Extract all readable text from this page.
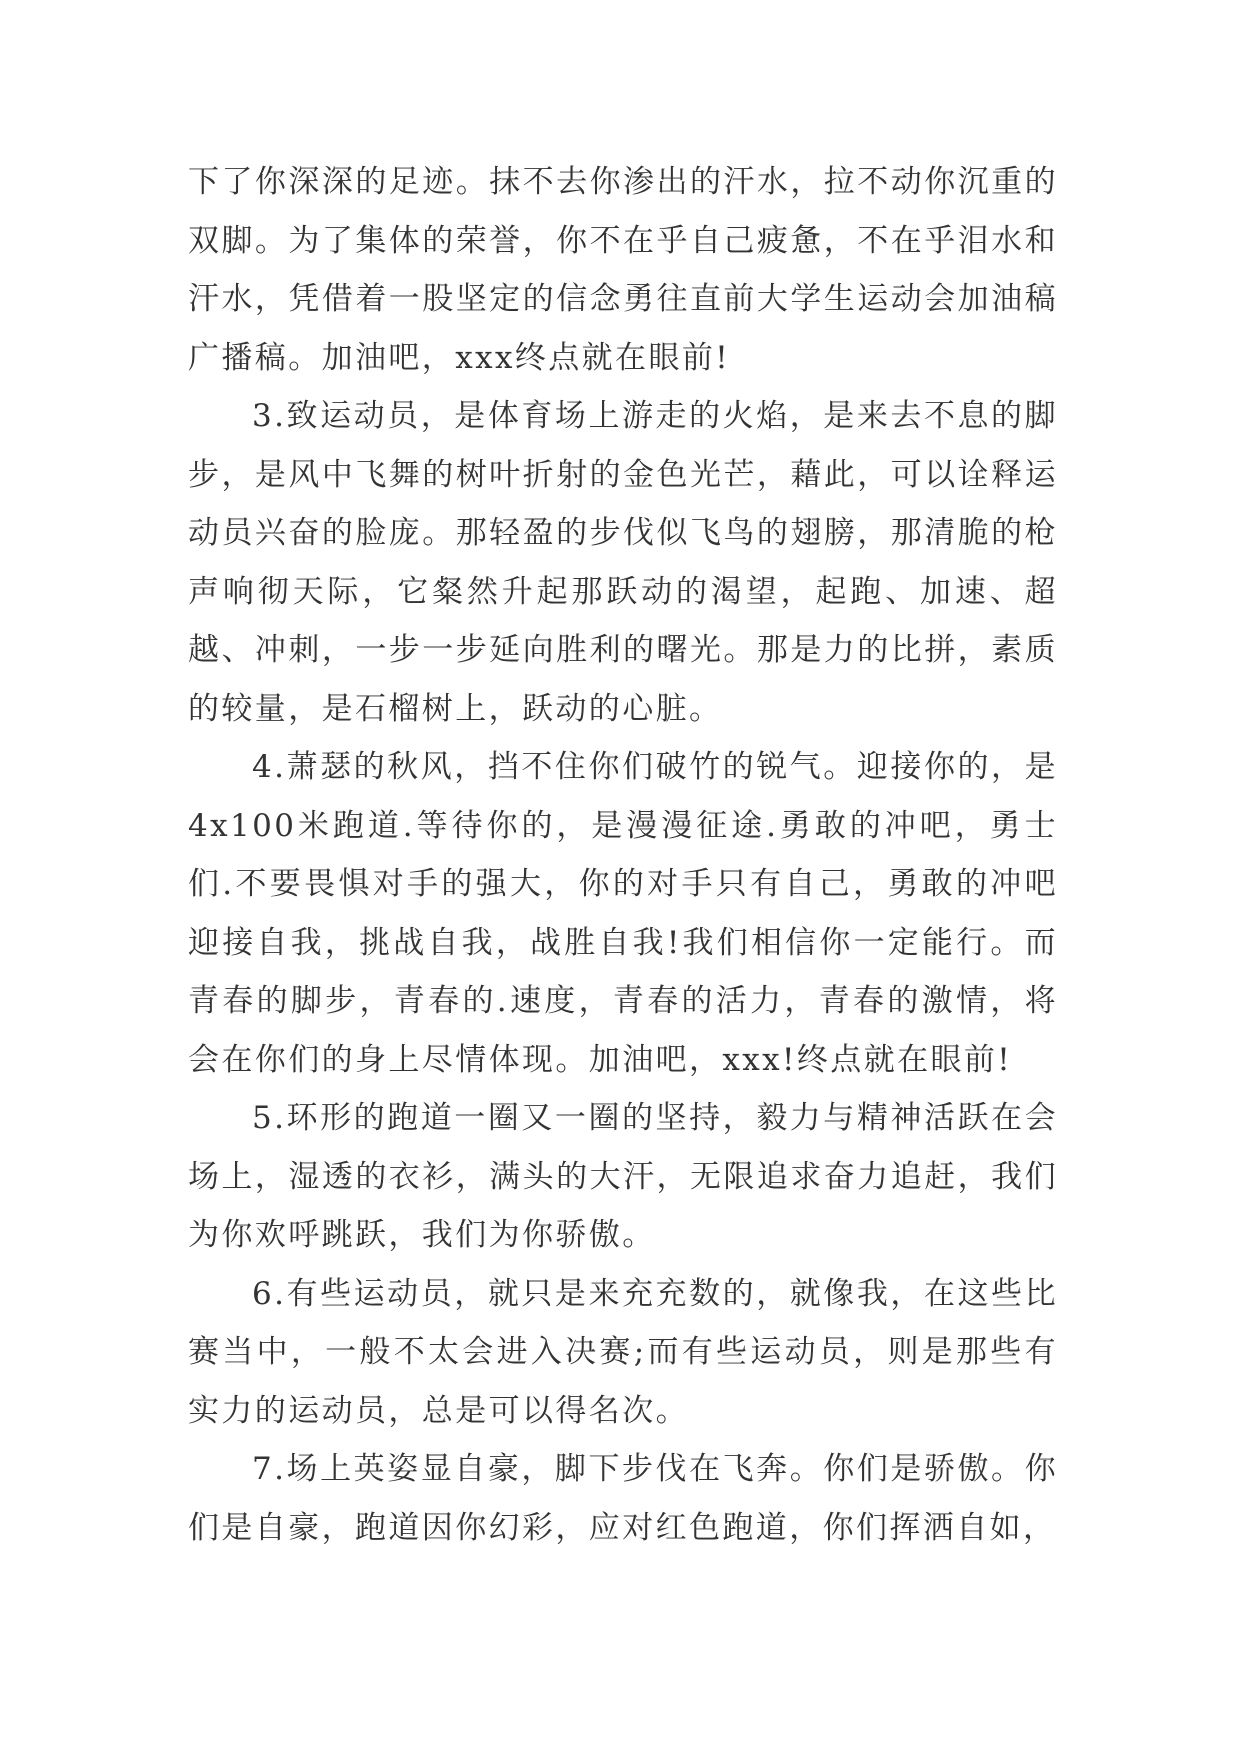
下了你深深的足迹。抹不去你渗出的汗水，拉不动你沉重的双脚。为了集体的荣誉，你不在乎自己疲惫，不在乎泪水和汗水，凭借着一股坚定的信念勇往直前大学生运动会加油稿广播稿。加油吧，xxx终点就在眼前!

3.致运动员，是体育场上游走的火焰，是来去不息的脚步，是风中飞舞的树叶折射的金色光芒，藉此，可以诠释运动员兴奋的脸庞。那轻盈的步伐似飞鸟的翅膀，那清脆的枪声响彻天际，它粲然升起那跃动的渴望，起跑、加速、超越、冲刺，一步一步延向胜利的曙光。那是力的比拼，素质的较量，是石榴树上，跃动的心脏。

4.萧瑟的秋风，挡不住你们破竹的锐气。迎接你的，是4x100米跑道.等待你的，是漫漫征途.勇敢的冲吧，勇士们.不要畏惧对手的强大，你的对手只有自己，勇敢的冲吧迎接自我，挑战自我，战胜自我!我们相信你一定能行。而青春的脚步，青春的.速度，青春的活力，青春的激情，将会在你们的身上尽情体现。加油吧，xxx!终点就在眼前!

5.环形的跑道一圈又一圈的坚持，毅力与精神活跃在会场上，湿透的衣衫，满头的大汗，无限追求奋力追赶，我们为你欢呼跳跃，我们为你骄傲。

6.有些运动员，就只是来充充数的，就像我，在这些比赛当中，一般不太会进入决赛;而有些运动员，则是那些有实力的运动员，总是可以得名次。

7.场上英姿显自豪，脚下步伐在飞奔。你们是骄傲。你们是自豪，跑道因你幻彩，应对红色跑道，你们挥洒自如，
